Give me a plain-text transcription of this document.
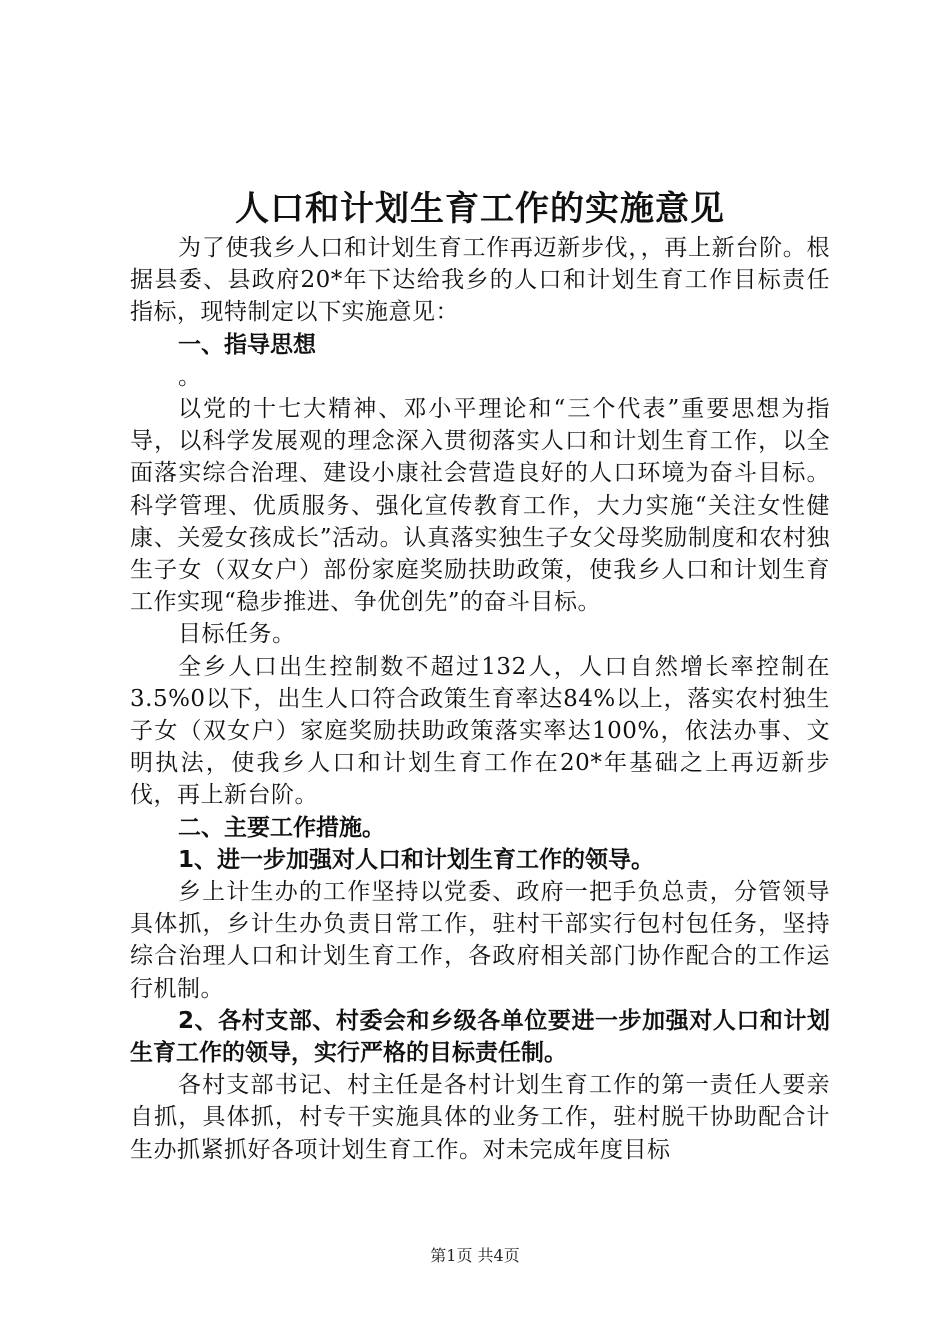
人口和计划生育工作的实施意见

为了使我乡人口和计划生育工作再迈新步伐，，再上新台阶。根据县委、县政府20*年下达给我乡的人口和计划生育工作目标责任指标，现特制定以下实施意见：

一、指导思想

。

以党的十七大精神、邓小平理论和“三个代表”重要思想为指导，以科学发展观的理念深入贯彻落实人口和计划生育工作，以全面落实综合治理、建设小康社会营造良好的人口环境为奋斗目标。科学管理、优质服务、强化宣传教育工作，大力实施“关注女性健康、关爱女孩成长”活动。认真落实独生子女父母奖励制度和农村独生子女（双女户）部份家庭奖励扶助政策，使我乡人口和计划生育工作实现“稳步推进、争优创先”的奋斗目标。

目标任务。

全乡人口出生控制数不超过132人，人口自然增长率控制在3.5%0以下，出生人口符合政策生育率达84%以上，落实农村独生子女（双女户）家庭奖励扶助政策落实率达100%，依法办事、文明执法，使我乡人口和计划生育工作在20*年基础之上再迈新步伐，再上新台阶。

二、主要工作措施。

1、进一步加强对人口和计划生育工作的领导。

乡上计生办的工作坚持以党委、政府一把手负总责，分管领导具体抓，乡计生办负责日常工作，驻村干部实行包村包任务，坚持综合治理人口和计划生育工作，各政府相关部门协作配合的工作运行机制。

2、各村支部、村委会和乡级各单位要进一步加强对人口和计划生育工作的领导，实行严格的目标责任制。

各村支部书记、村主任是各村计划生育工作的第一责任人要亲自抓，具体抓，村专干实施具体的业务工作，驻村脱干协助配合计生办抓紧抓好各项计划生育工作。对未完成年度目标

第1页 共4页
